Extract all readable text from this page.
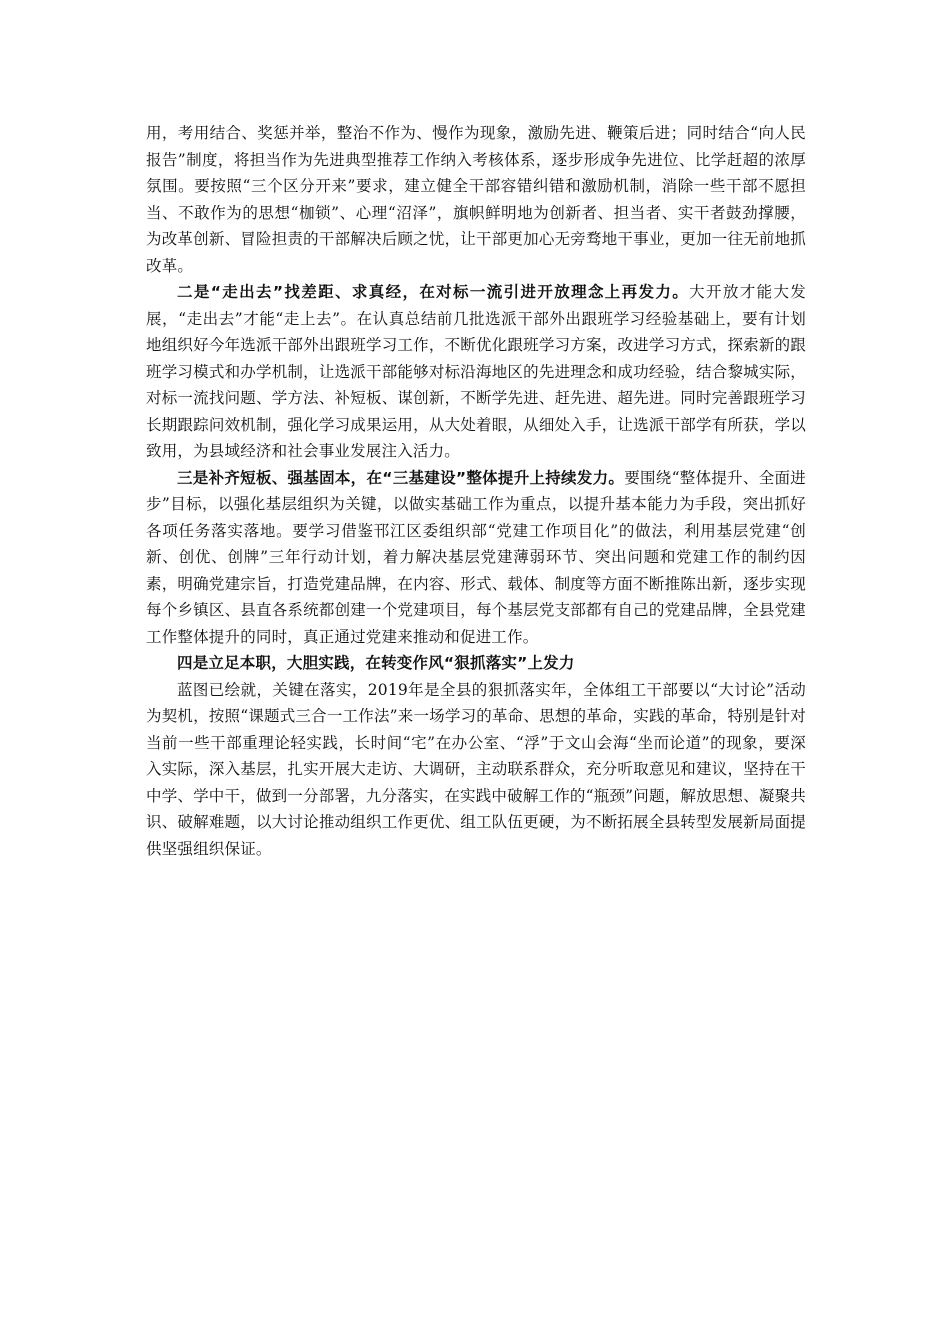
用，考用结合、奖惩并举，整治不作为、慢作为现象，激励先进、鞭策后进；同时结合“向人民报告”制度，将担当作为先进典型推荐工作纳入考核体系，逐步形成争先进位、比学赶超的浓厚氛围。要按照“三个区分开来”要求，建立健全干部容错纠错和激励机制，消除一些干部不愿担当、不敢作为的思想“枷锁”、心理“沼泽”，旗帜鲜明地为创新者、担当者、实干者鼓劲撑腰，为改革创新、冒险担责的干部解决后顾之忧，让干部更加心无旁骛地干事业，更加一往无前地抓改革。

二是“走出去”找差距、求真经，在对标一流引进开放理念上再发力。大开放才能大发展，“走出去”才能“走上去”。在认真总结前几批选派干部外出跟班学习经验基础上，要有计划地组织好今年选派干部外出跟班学习工作，不断优化跟班学习方案，改进学习方式，探索新的跟班学习模式和办学机制，让选派干部能够对标沿海地区的先进理念和成功经验，结合黎城实际，对标一流找问题、学方法、补短板、谋创新，不断学先进、赶先进、超先进。同时完善跟班学习长期跟踪问效机制，强化学习成果运用，从大处着眼，从细处入手，让选派干部学有所获，学以致用，为县域经济和社会事业发展注入活力。

三是补齐短板、强基固本，在“三基建设”整体提升上持续发力。要围绕“整体提升、全面进步”目标，以强化基层组织为关键，以做实基础工作为重点，以提升基本能力为手段，突出抓好各项任务落实落地。要学习借鉴邗江区委组织部“党建工作项目化”的做法，利用基层党建“创新、创优、创牌”三年行动计划，着力解决基层党建薄弱环节、突出问题和党建工作的制约因素，明确党建宗旨，打造党建品牌，在内容、形式、载体、制度等方面不断推陈出新，逐步实现每个乡镇区、县直各系统都创建一个党建项目，每个基层党支部都有自己的党建品牌，全县党建工作整体提升的同时，真正通过党建来推动和促进工作。

四是立足本职，大胆实践，在转变作风“狠抓落实”上发力

蓝图已绘就，关键在落实，2019年是全县的狠抓落实年，全体组工干部要以“大讨论”活动为契机，按照“课题式三合一工作法”来一场学习的革命、思想的革命，实践的革命，特别是针对当前一些干部重理论轻实践，长时间“宅”在办公室、“浮”于文山会海“坐而论道”的现象，要深入实际，深入基层，扎实开展大走访、大调研，主动联系群众，充分听取意见和建议，坚持在干中学、学中干，做到一分部署，九分落实，在实践中破解工作的“瓶颈”问题，解放思想、凝聚共识、破解难题，以大讨论推动组织工作更优、组工队伍更硬，为不断拓展全县转型发展新局面提供坚强组织保证。
